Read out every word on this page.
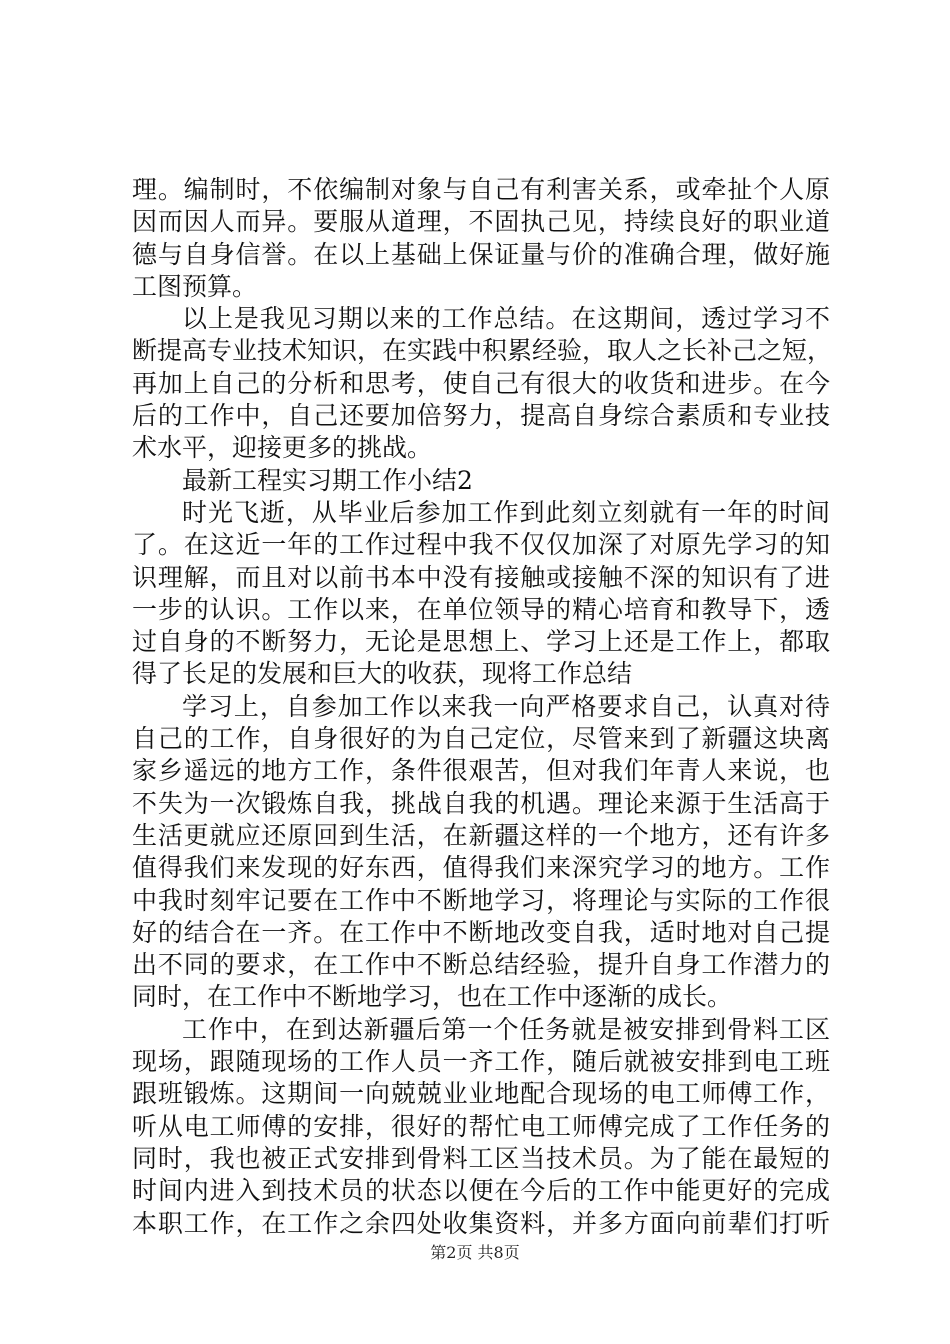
理。编制时，不依编制对象与自己有利害关系，或牵扯个人原
因而因人而异。要服从道理，不固执己见，持续良好的职业道
德与自身信誉。在以上基础上保证量与价的准确合理，做好施
工图预算。
以上是我见习期以来的工作总结。在这期间，透过学习不
断提高专业技术知识，在实践中积累经验，取人之长补己之短，
再加上自己的分析和思考，使自己有很大的收货和进步。在今
后的工作中，自己还要加倍努力，提高自身综合素质和专业技
术水平，迎接更多的挑战。
最新工程实习期工作小结2
时光飞逝，从毕业后参加工作到此刻立刻就有一年的时间
了。在这近一年的工作过程中我不仅仅加深了对原先学习的知
识理解，而且对以前书本中没有接触或接触不深的知识有了进
一步的认识。工作以来，在单位领导的精心培育和教导下，透
过自身的不断努力，无论是思想上、学习上还是工作上，都取
得了长足的发展和巨大的收获，现将工作总结
学习上，自参加工作以来我一向严格要求自己，认真对待
自己的工作，自身很好的为自己定位，尽管来到了新疆这块离
家乡遥远的地方工作，条件很艰苦，但对我们年青人来说，也
不失为一次锻炼自我，挑战自我的机遇。理论来源于生活高于
生活更就应还原回到生活，在新疆这样的一个地方，还有许多
值得我们来发现的好东西，值得我们来深究学习的地方。工作
中我时刻牢记要在工作中不断地学习，将理论与实际的工作很
好的结合在一齐。在工作中不断地改变自我，适时地对自己提
出不同的要求，在工作中不断总结经验，提升自身工作潜力的
同时，在工作中不断地学习，也在工作中逐渐的成长。
工作中，在到达新疆后第一个任务就是被安排到骨料工区
现场，跟随现场的工作人员一齐工作，随后就被安排到电工班
跟班锻炼。这期间一向兢兢业业地配合现场的电工师傅工作，
听从电工师傅的安排，很好的帮忙电工师傅完成了工作任务的
同时，我也被正式安排到骨料工区当技术员。为了能在最短的
时间内进入到技术员的状态以便在今后的工作中能更好的完成
本职工作，在工作之余四处收集资料，并多方面向前辈们打听
第2页 共8页
